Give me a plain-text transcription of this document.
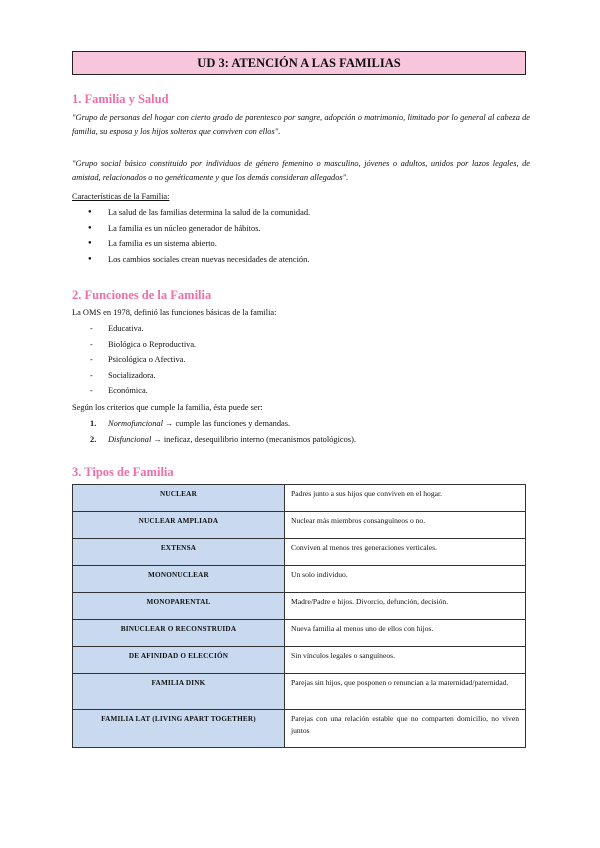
UD 3: ATENCIÓN A LAS FAMILIAS
1. Familia y Salud
"Grupo de personas del hogar con cierto grado de parentesco por sangre, adopción o matrimonio, limitado por lo general al cabeza de familia, su esposa y los hijos solteros que conviven con ellos".
"Grupo social básico constituido por individuos de género femenino o masculino, jóvenes o adultos, unidos por lazos legales, de amistad, relacionados o no genéticamente y que los demás consideran allegados".
Características de la Familia:
● La salud de las familias determina la salud de la comunidad.
● La familia es un núcleo generador de hábitos.
● La familia es un sistema abierto.
● Los cambios sociales crean nuevas necesidades de atención.
2. Funciones de la Familia
La OMS en 1978, definió las funciones básicas de la familia:
- Educativa.
- Biológica o Reproductiva.
- Psicológica o Afectiva.
- Socializadora.
- Económica.
Según los criterios que cumple la familia, ésta puede ser:
1. Normofuncional → cumple las funciones y demandas.
2. Disfuncional → ineficaz, desequilibrio interno (mecanismos patológicos).
3. Tipos de Familia
NUCLEAR	Padres junto a sus hijos que conviven en el hogar.
NUCLEAR AMPLIADA	Nuclear más miembros consanguíneos o no.
EXTENSA	Conviven al menos tres generaciones verticales.
MONONUCLEAR	Un solo individuo.
MONOPARENTAL	Madre/Padre e hijos. Divorcio, defunción, decisión.
BINUCLEAR O RECONSTRUIDA	Nueva familia al menos uno de ellos con hijos.
DE AFINIDAD O ELECCIÓN	Sin vínculos legales o sanguíneos.
FAMILIA DINK	Parejas sin hijos, que posponen o renuncian a la maternidad/paternidad.
FAMILIA LAT (LIVING APART TOGETHER)	Parejas con una relación estable que no comparten domicilio, no viven juntos
